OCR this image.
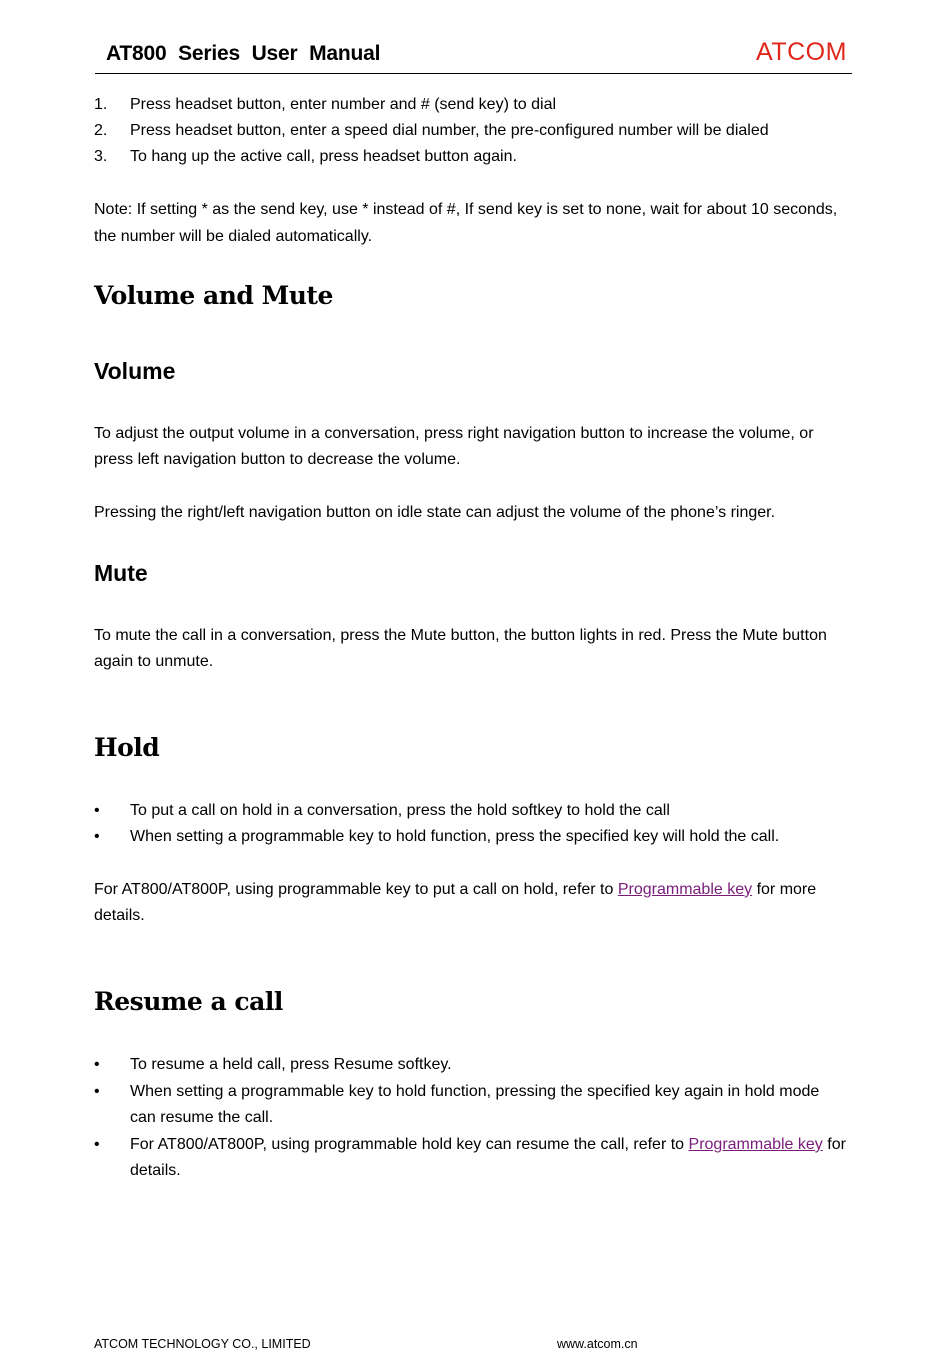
AT800 Series User Manual	ATCOM
1. Press headset button, enter number and # (send key) to dial
2. Press headset button, enter a speed dial number, the pre-configured number will be dialed
3. To hang up the active call, press headset button again.
Note: If setting * as the send key, use * instead of #, If send key is set to none, wait for about 10 seconds,
the number will be dialed automatically.
Volume and Mute
Volume
To adjust the output volume in a conversation, press right navigation button to increase the volume, or
press left navigation button to decrease the volume.
Pressing the right/left navigation button on idle state can adjust the volume of the phone’s ringer.
Mute
To mute the call in a conversation, press the Mute button, the button lights in red. Press the Mute button
again to unmute.
Hold
• To put a call on hold in a conversation, press the hold softkey to hold the call
• When setting a programmable key to hold function, press the specified key will hold the call.
For AT800/AT800P, using programmable key to put a call on hold, refer to Programmable key for more
details.
Resume a call
• To resume a held call, press Resume softkey.
• When setting a programmable key to hold function, pressing the specified key again in hold mode
can resume the call.
• For AT800/AT800P, using programmable hold key can resume the call, refer to Programmable key for
details.
ATCOM TECHNOLOGY CO., LIMITED	www.atcom.cn
